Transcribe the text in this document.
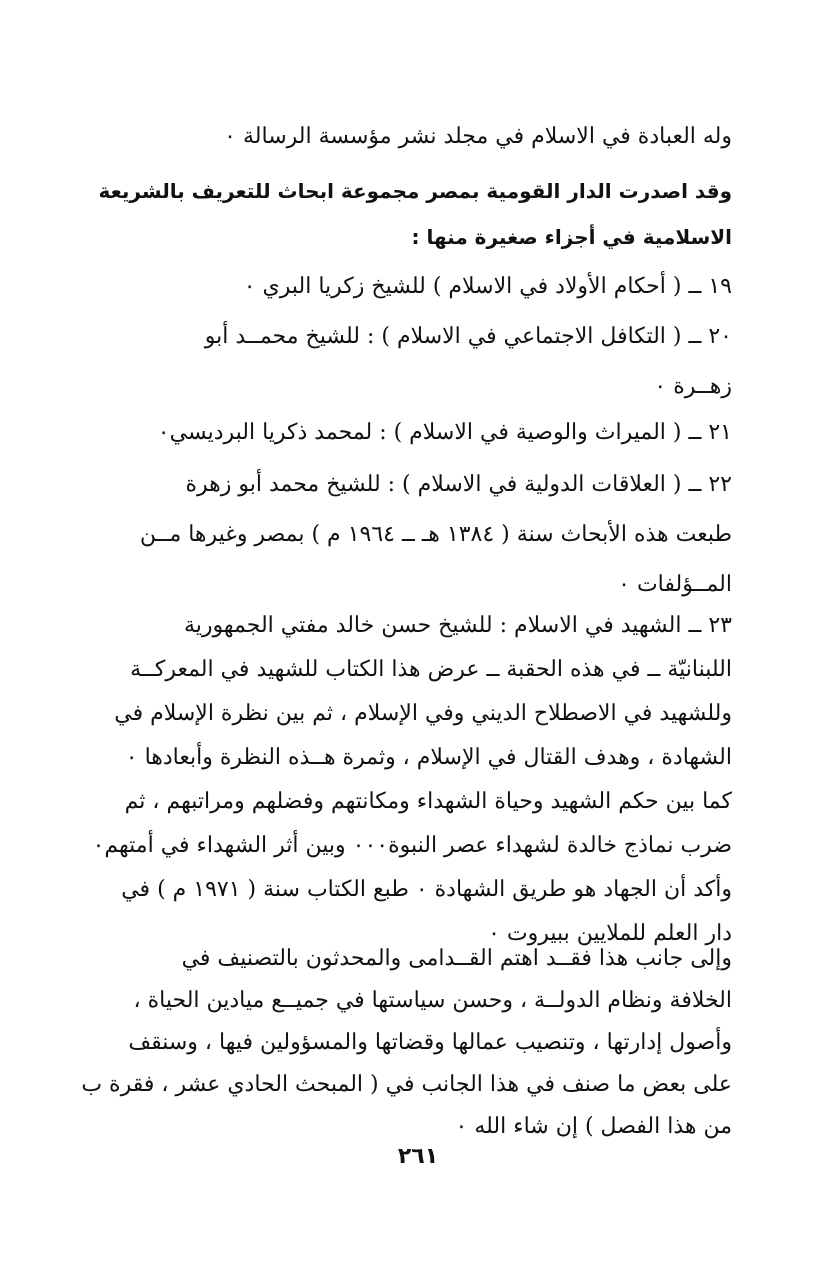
وله العبادة في الاسلام في مجلد نشر مؤسسة الرسالة ٠
وقد اصدرت الدار القومية بمصر مجموعة ابحاث للتعريف بالشريعة
الاسلامية في أجزاء صغيرة منها :
١٩ ــ ( أحكام الأولاد في الاسلام ) للشيخ زكريا البري ٠
٢٠ ــ ( التكافل الاجتماعي في الاسلام ) : للشيخ محمــد أبو
زهــرة ٠
٢١ ــ ( الميراث والوصية في الاسلام ) : لمحمد ذكريا البرديسي٠
٢٢ ــ ( العلاقات الدولية في الاسلام ) : للشيخ محمد أبو زهرة
طبعت هذه الأبحاث سنة ( ١٣٨٤ هـ ــ ١٩٦٤ م ) بمصر وغيرها مــن
المــؤلفات ٠
٢٣ ــ الشهيد في الاسلام : للشيخ حسن خالد مفتي الجمهورية
اللبنانيّة ــ في هذه الحقبة ــ عرض هذا الكتاب للشهيد في المعركــة
وللشهيد في الاصطلاح الديني وفي الإسلام ، ثم بين نظرة الإسلام في
الشهادة ، وهدف القتال في الإسلام ، وثمرة هــذه النظرة وأبعادها ٠
كما بين حكم الشهيد وحياة الشهداء ومكانتهم وفضلهم ومراتبهم ، ثم
ضرب نماذج خالدة لشهداء عصر النبوة٠٠٠ وبين أثر الشهداء في أمتهم٠
وأكد أن الجهاد هو طريق الشهادة ٠ طبع الكتاب سنة ( ١٩٧١ م ) في
دار العلم للملايين ببيروت ٠
وإلى جانب هذا فقــد اهتم القــدامى والمحدثون بالتصنيف في
الخلافة ونظام الدولــة ، وحسن سياستها في جميــع ميادين الحياة ،
وأصول إدارتها ، وتنصيب عمالها وقضاتها والمسؤولين فيها ، وسنقف
على بعض ما صنف في هذا الجانب في ( المبحث الحادي عشر ، فقرة ب
من هذا الفصل ) إن شاء الله ٠
٢٦١
